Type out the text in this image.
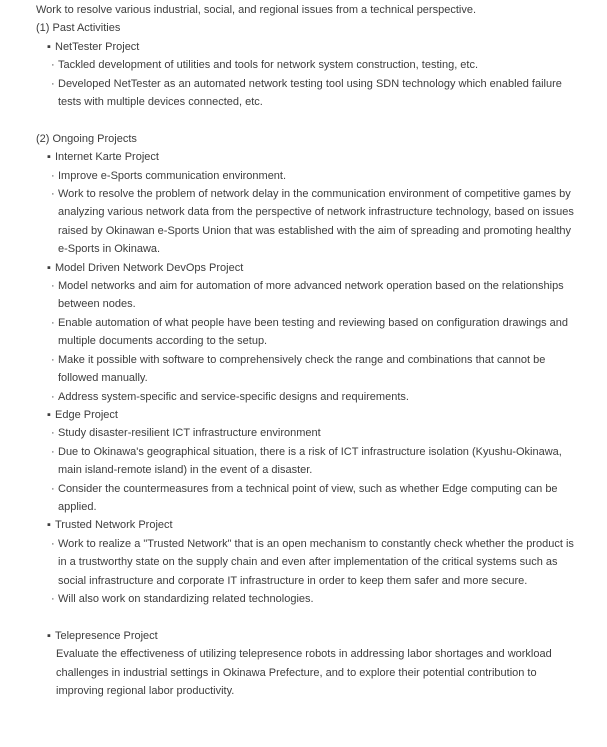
Work to resolve various industrial, social, and regional issues from a technical perspective.

(1) Past Activities

▪ NetTester Project
· Tackled development of utilities and tools for network system construction, testing, etc.
· Developed NetTester as an automated network testing tool using SDN technology which enabled failure tests with multiple devices connected, etc.

(2) Ongoing Projects

▪ Internet Karte Project
· Improve e-Sports communication environment.
· Work to resolve the problem of network delay in the communication environment of competitive games by analyzing various network data from the perspective of network infrastructure technology, based on issues raised by Okinawan e-Sports Union that was established with the aim of spreading and promoting healthy e-Sports in Okinawa.
▪ Model Driven Network DevOps Project
· Model networks and aim for automation of more advanced network operation based on the relationships between nodes.
· Enable automation of what people have been testing and reviewing based on configuration drawings and multiple documents according to the setup.
· Make it possible with software to comprehensively check the range and combinations that cannot be followed manually.
· Address system-specific and service-specific designs and requirements.
▪ Edge Project
· Study disaster-resilient ICT infrastructure environment
· Due to Okinawa's geographical situation, there is a risk of ICT infrastructure isolation (Kyushu-Okinawa, main island-remote island) in the event of a disaster.
· Consider the countermeasures from a technical point of view, such as whether Edge computing can be applied.
▪ Trusted Network Project
· Work to realize a "Trusted Network" that is an open mechanism to constantly check whether the product is in a trustworthy state on the supply chain and even after implementation of the critical systems such as social infrastructure and corporate IT infrastructure in order to keep them safer and more secure.
· Will also work on standardizing related technologies.
▪ Telepresence Project
Evaluate the effectiveness of utilizing telepresence robots in addressing labor shortages and workload challenges in industrial settings in Okinawa Prefecture, and to explore their potential contribution to improving regional labor productivity.
